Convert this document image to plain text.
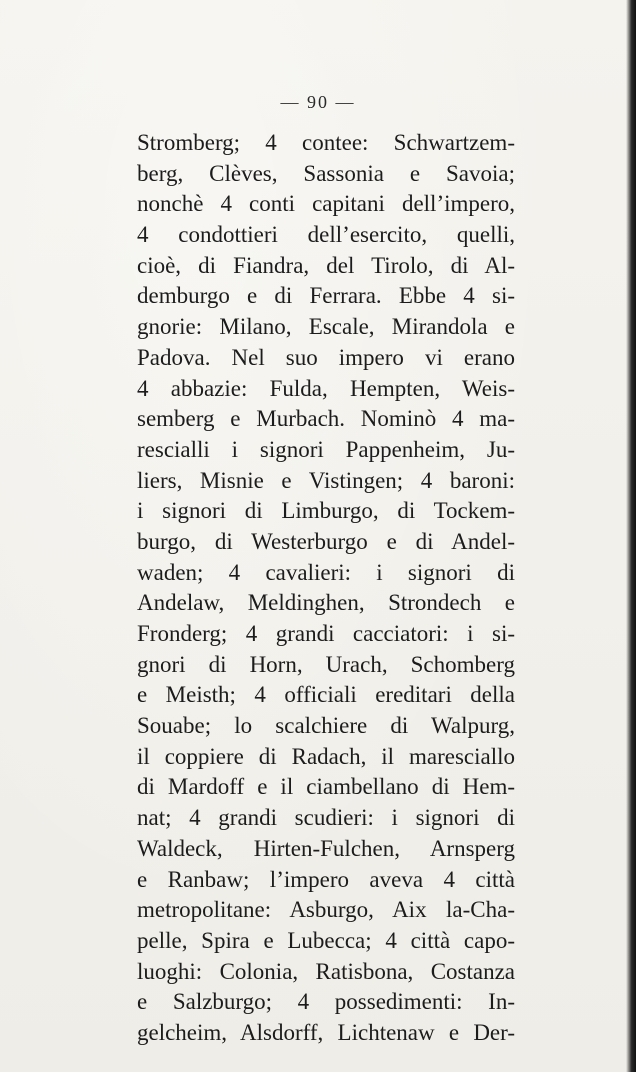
— 90 —
Stromberg; 4 contee: Schwartzem-
berg, Clèves, Sassonia e Savoia;
nonchè 4 conti capitani dell’impero,
4 condottieri dell’esercito, quelli,
cioè, di Fiandra, del Tirolo, di Al-
demburgo e di Ferrara. Ebbe 4 si-
gnorie: Milano, Escale, Mirandola e
Padova. Nel suo impero vi erano
4 abbazie: Fulda, Hempten, Weis-
semberg e Murbach. Nominò 4 ma-
rescialli i signori Pappenheim, Ju-
liers, Misnie e Vistingen; 4 baroni:
i signori di Limburgo, di Tockem-
burgo, di Westerburgo e di Andel-
waden; 4 cavalieri: i signori di
Andelaw, Meldinghen, Strondech e
Fronderg; 4 grandi cacciatori: i si-
gnori di Horn, Urach, Schomberg
e Meisth; 4 officiali ereditari della
Souabe; lo scalchiere di Walpurg,
il coppiere di Radach, il maresciallo
di Mardoff e il ciambellano di Hem-
nat; 4 grandi scudieri: i signori di
Waldeck, Hirten-Fulchen, Arnsperg
e Ranbaw; l’impero aveva 4 città
metropolitane: Asburgo, Aix la-Cha-
pelle, Spira e Lubecca; 4 città capo-
luoghi: Colonia, Ratisbona, Costanza
e Salzburgo; 4 possedimenti: In-
gelcheim, Alsdorff, Lichtenaw e Der-
